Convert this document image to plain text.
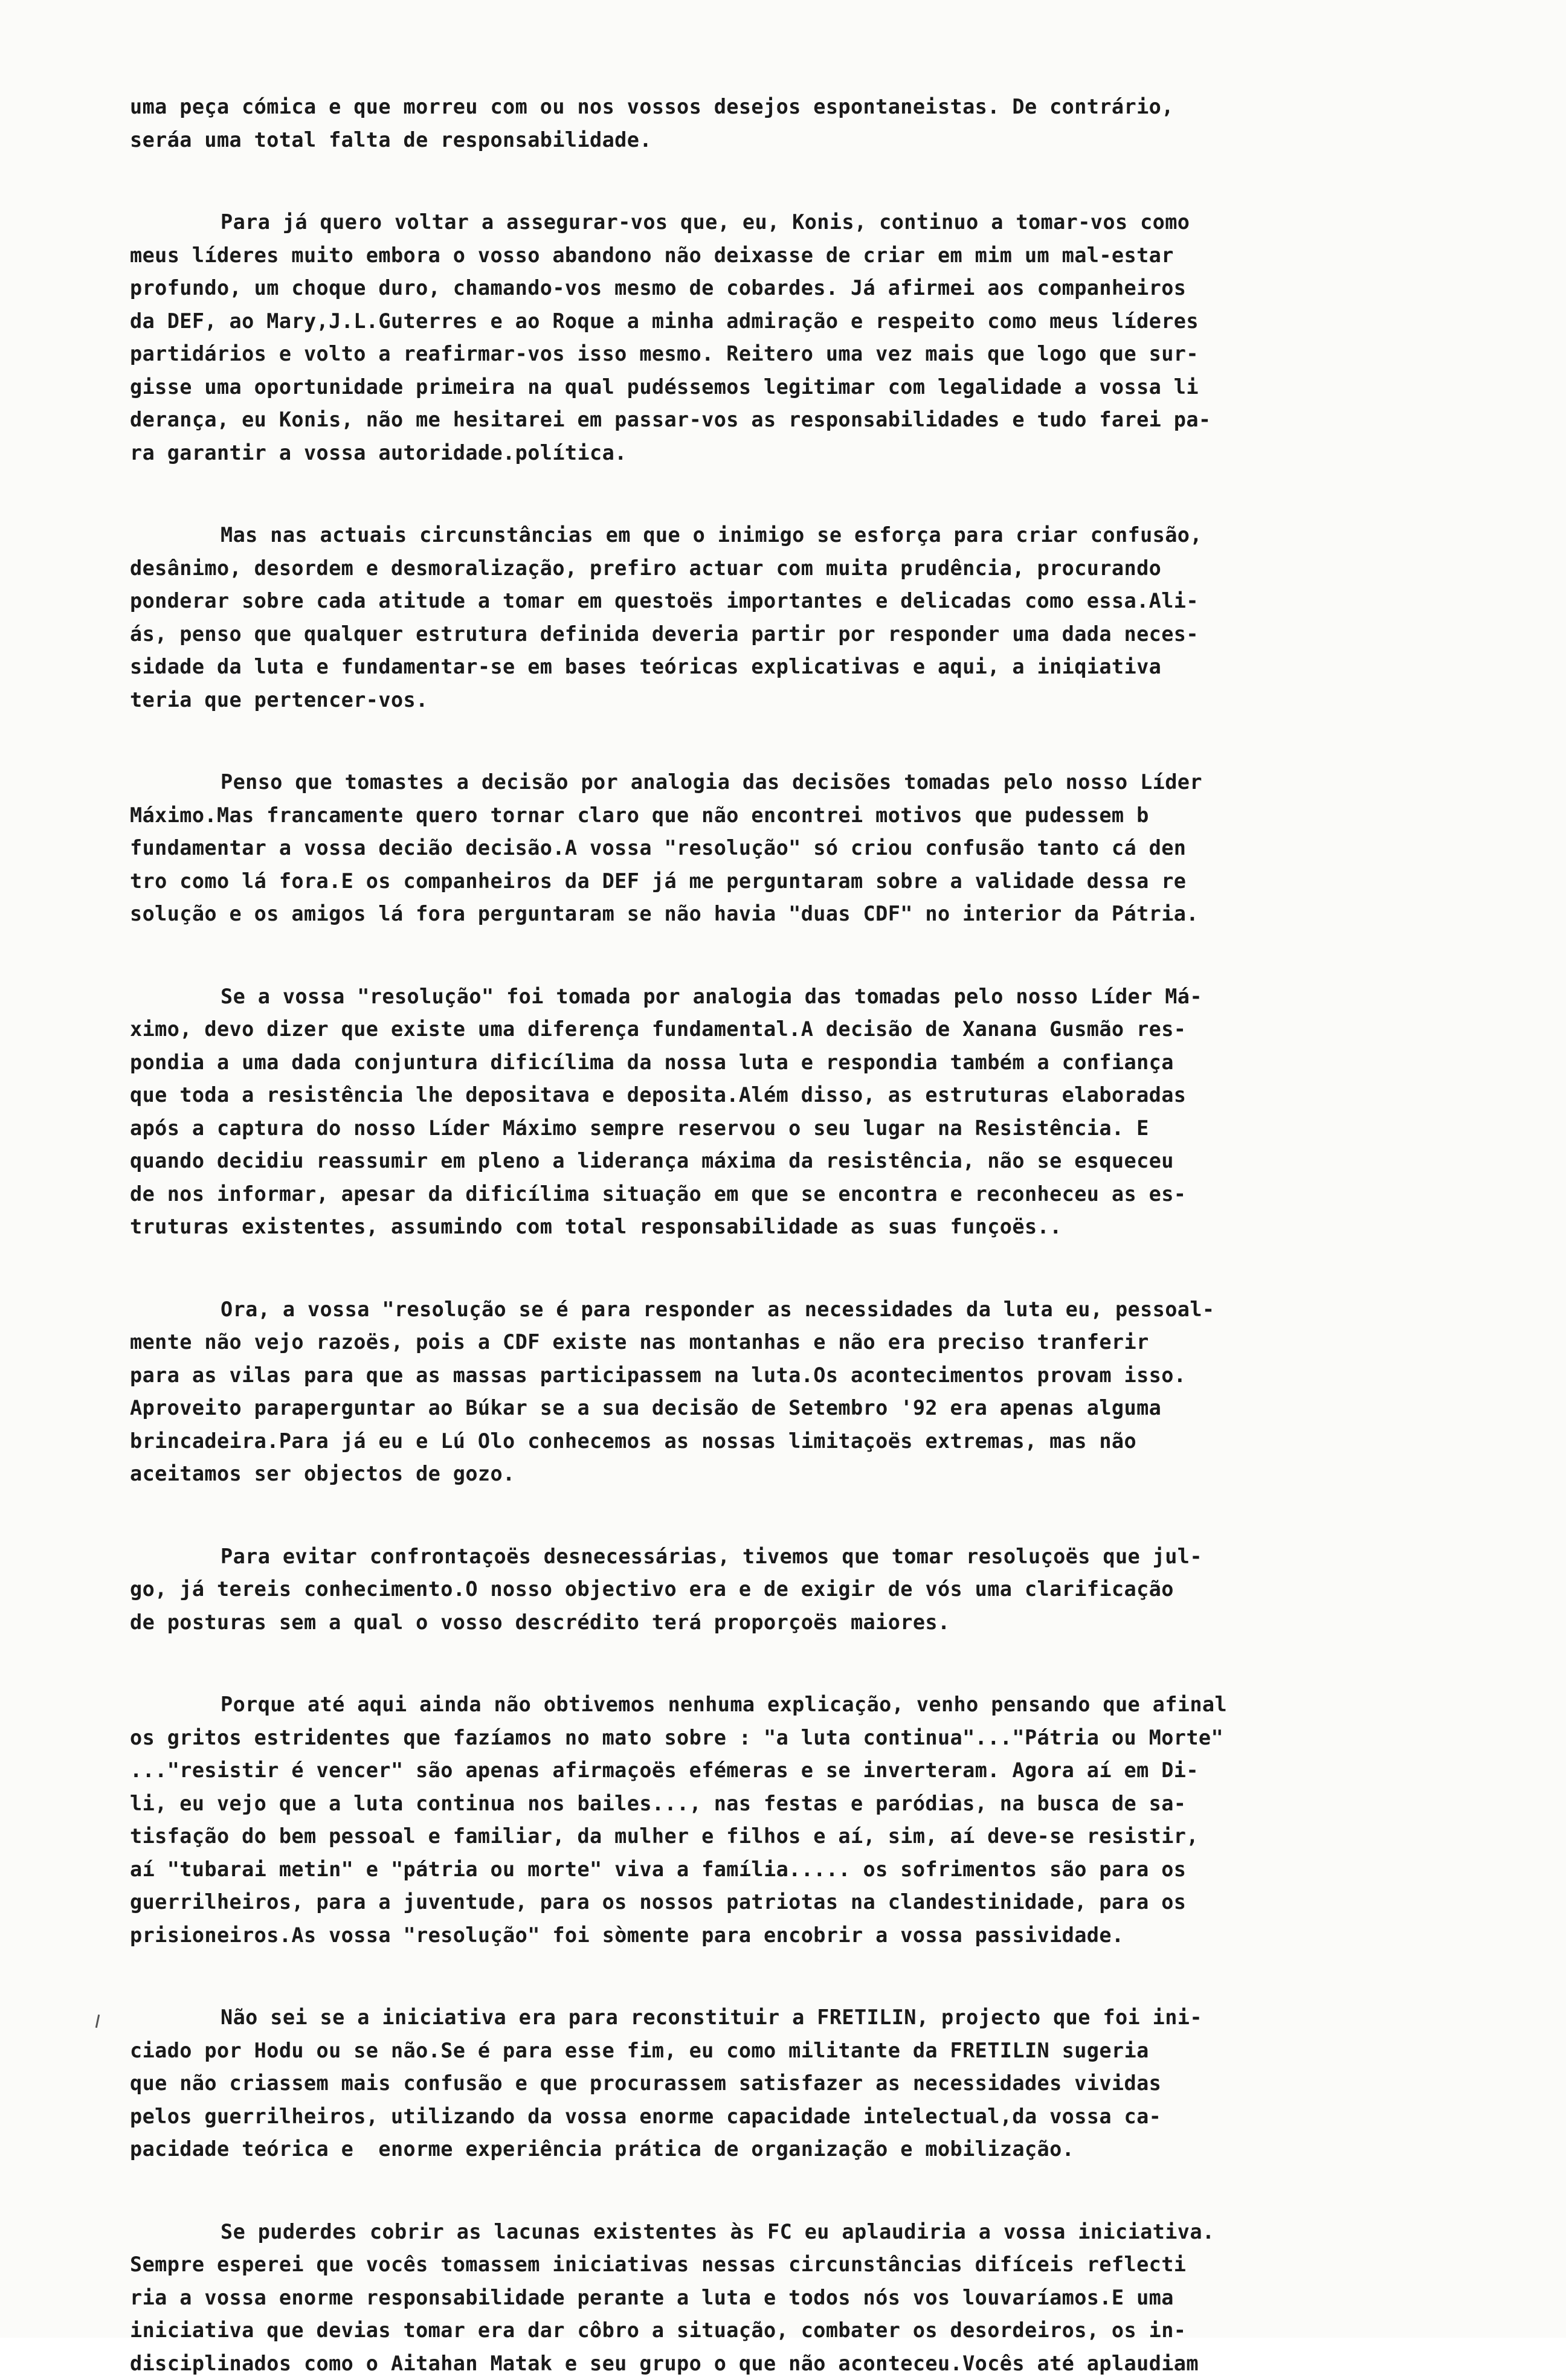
uma peça cómica e que morreu com ou nos vossos desejos espontaneistas. De contrário,
seráa uma total falta de responsabilidade.
Para já quero voltar a assegurar-vos que, eu, Konis, continuo a tomar-vos como
meus líderes muito embora o vosso abandono não deixasse de criar em mim um mal-estar
profundo, um choque duro, chamando-vos mesmo de cobardes. Já afirmei aos companheiros
da DEF, ao Mary,J.L.Guterres e ao Roque a minha admiração e respeito como meus líderes
partidários e volto a reafirmar-vos isso mesmo. Reitero uma vez mais que logo que sur-
gisse uma oportunidade primeira na qual pudéssemos legitimar com legalidade a vossa li
derança, eu Konis, não me hesitarei em passar-vos as responsabilidades e tudo farei pa-
ra garantir a vossa autoridade.política.
Mas nas actuais circunstâncias em que o inimigo se esforça para criar confusão,
desânimo, desordem e desmoralização, prefiro actuar com muita prudência, procurando
ponderar sobre cada atitude a tomar em questoës importantes e delicadas como essa.Ali-
ás, penso que qualquer estrutura definida deveria partir por responder uma dada neces-
sidade da luta e fundamentar-se em bases teóricas explicativas e aqui, a iniqiativa
teria que pertencer-vos.
Penso que tomastes a decisão por analogia das decisões tomadas pelo nosso Líder
Máximo.Mas francamente quero tornar claro que não encontrei motivos que pudessem b
fundamentar a vossa decião decisão.A vossa "resolução" só criou confusão tanto cá den
tro como lá fora.E os companheiros da DEF já me perguntaram sobre a validade dessa re
solução e os amigos lá fora perguntaram se não havia "duas CDF" no interior da Pátria.
Se a vossa "resolução" foi tomada por analogia das tomadas pelo nosso Líder Má-
ximo, devo dizer que existe uma diferença fundamental.A decisão de Xanana Gusmão res-
pondia a uma dada conjuntura dificílima da nossa luta e respondia também a confiança
que toda a resistência lhe depositava e deposita.Além disso, as estruturas elaboradas
após a captura do nosso Líder Máximo sempre reservou o seu lugar na Resistência. E
quando decidiu reassumir em pleno a liderança máxima da resistência, não se esqueceu
de nos informar, apesar da dificílima situação em que se encontra e reconheceu as es-
truturas existentes, assumindo com total responsabilidade as suas funçoës..
Ora, a vossa "resolução se é para responder as necessidades da luta eu, pessoal-
mente não vejo razoës, pois a CDF existe nas montanhas e não era preciso tranferir
para as vilas para que as massas participassem na luta.Os acontecimentos provam isso.
Aproveito paraperguntar ao Búkar se a sua decisão de Setembro '92 era apenas alguma
brincadeira.Para já eu e Lú Olo conhecemos as nossas limitaçoës extremas, mas não
aceitamos ser objectos de gozo.
Para evitar confrontaçoës desnecessárias, tivemos que tomar resoluçoës que jul-
go, já tereis conhecimento.O nosso objectivo era e de exigir de vós uma clarificação
de posturas sem a qual o vosso descrédito terá proporçoës maiores.
Porque até aqui ainda não obtivemos nenhuma explicação, venho pensando que afinal
os gritos estridentes que fazíamos no mato sobre : "a luta continua"..."Pátria ou Morte"
..."resistir é vencer" são apenas afirmaçoës efémeras e se inverteram. Agora aí em Di-
li, eu vejo que a luta continua nos bailes..., nas festas e paródias, na busca de sa-
tisfação do bem pessoal e familiar, da mulher e filhos e aí, sim, aí deve-se resistir,
aí "tubarai metin" e "pátria ou morte" viva a família..... os sofrimentos são para os
guerrilheiros, para a juventude, para os nossos patriotas na clandestinidade, para os
prisioneiros.As vossa "resolução" foi sòmente para encobrir a vossa passividade.
Não sei se a iniciativa era para reconstituir a FRETILIN, projecto que foi ini-
ciado por Hodu ou se não.Se é para esse fim, eu como militante da FRETILIN sugeria
que não criassem mais confusão e que procurassem satisfazer as necessidades vividas
pelos guerrilheiros, utilizando da vossa enorme capacidade intelectual,da vossa ca-
pacidade teórica e  enorme experiência prática de organização e mobilização.
Se puderdes cobrir as lacunas existentes às FC eu aplaudiria a vossa iniciativa.
Sempre esperei que vocês tomassem iniciativas nessas circunstâncias difíceis reflecti
ria a vossa enorme responsabilidade perante a luta e todos nós vos louvaríamos.E uma
iniciativa que devias tomar era dar côbro a situação, combater os desordeiros, os in-
disciplinados como o Aitahan Matak e seu grupo o que não aconteceu.Vocês até aplaudiam
